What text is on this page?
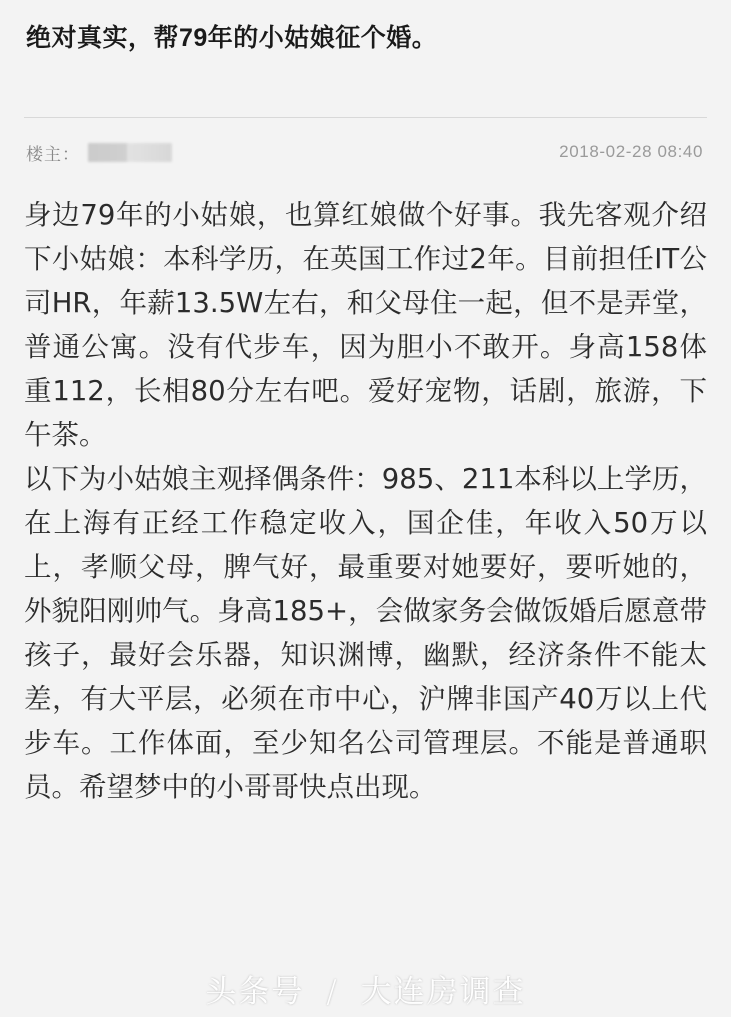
绝对真实，帮79年的小姑娘征个婚。
楼主：	2018-02-28 08:40

身边79年的小姑娘，也算红娘做个好事。我先客观介绍下小姑娘：本科学历，在英国工作过2年。目前担任IT公司HR，年薪13.5W左右，和父母住一起，但不是弄堂，普通公寓。没有代步车，因为胆小不敢开。身高158体重112，长相80分左右吧。爱好宠物，话剧，旅游，下午茶。

以下为小姑娘主观择偶条件：985、211本科以上学历，在上海有正经工作稳定收入，国企佳，年收入50万以上，孝顺父母，脾气好，最重要对她要好，要听她的，外貌阳刚帅气。身高185+，会做家务会做饭婚后愿意带孩子，最好会乐器，知识渊博，幽默，经济条件不能太差，有大平层，必须在市中心，沪牌非国产40万以上代步车。工作体面，至少知名公司管理层。不能是普通职员。希望梦中的小哥哥快点出现。

头条号 / 大连房调查
